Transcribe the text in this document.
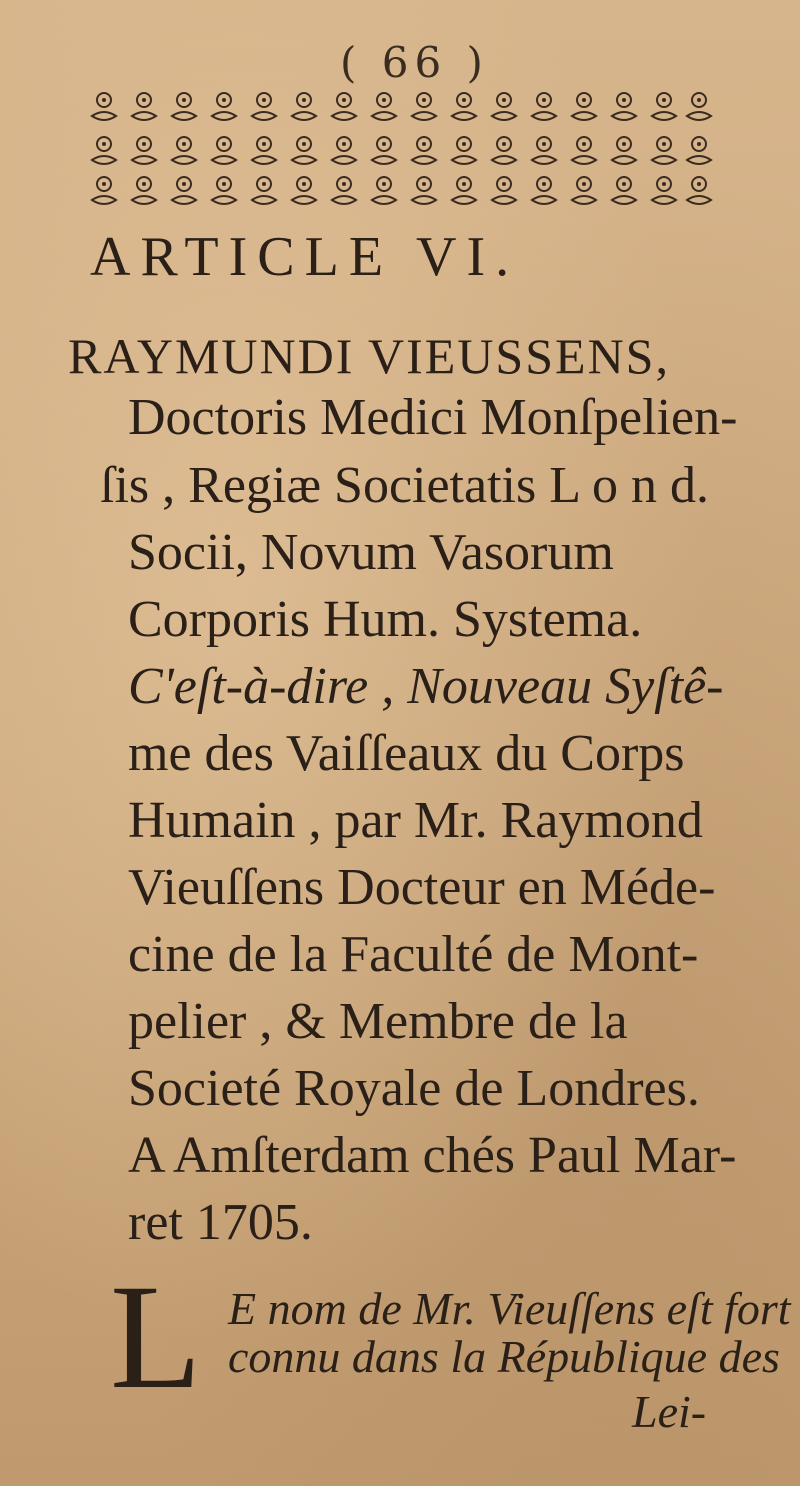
( 66 )
ARTICLE VI.
RAYMUNDI VIEUSSENS,
Doctoris Medici Monſpelien-
ſis , Regiæ Societatis L o n d.
Socii, Novum Vasorum
Corporis Hum. Systema.
C'eſt-à-dire , Nouveau Syſtê-
me des Vaiſſeaux du Corps
Humain , par Mr. Raymond
Vieuſſens Docteur en Méde-
cine de la Faculté de Mont-
pelier , & Membre de la
Societé Royale de Londres.
A Amſterdam chés Paul Mar-
ret 1705.
L E nom de Mr. Vieuſſens eſt fort
connu dans la République des
Lei-
